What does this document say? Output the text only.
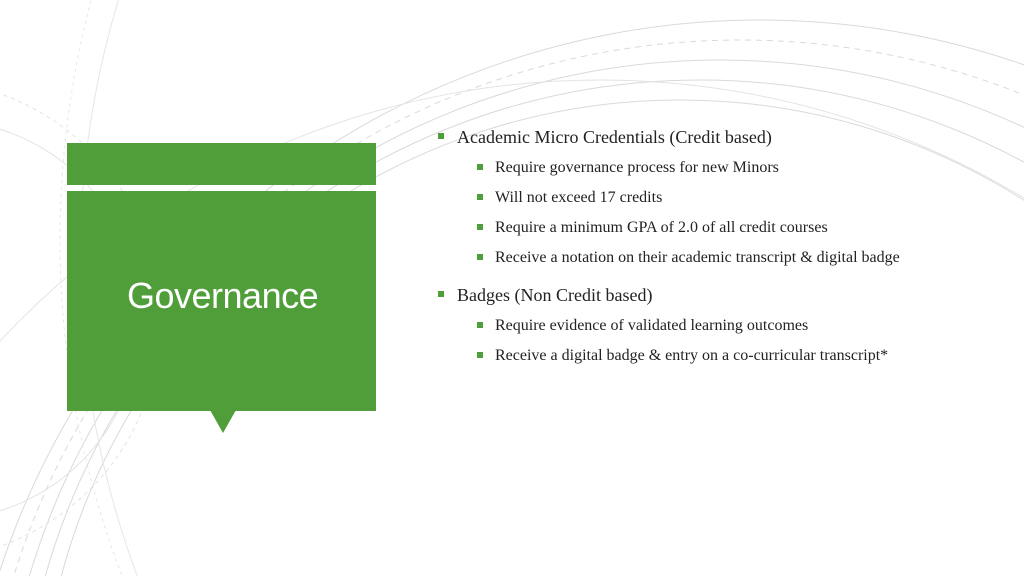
Governance
Academic Micro Credentials (Credit based)
Require governance process for new Minors
Will not exceed 17 credits
Require a minimum GPA of 2.0 of all credit courses
Receive a notation on their academic transcript & digital badge
Badges (Non Credit based)
Require evidence of validated learning outcomes
Receive a digital badge & entry on a co-curricular transcript*
